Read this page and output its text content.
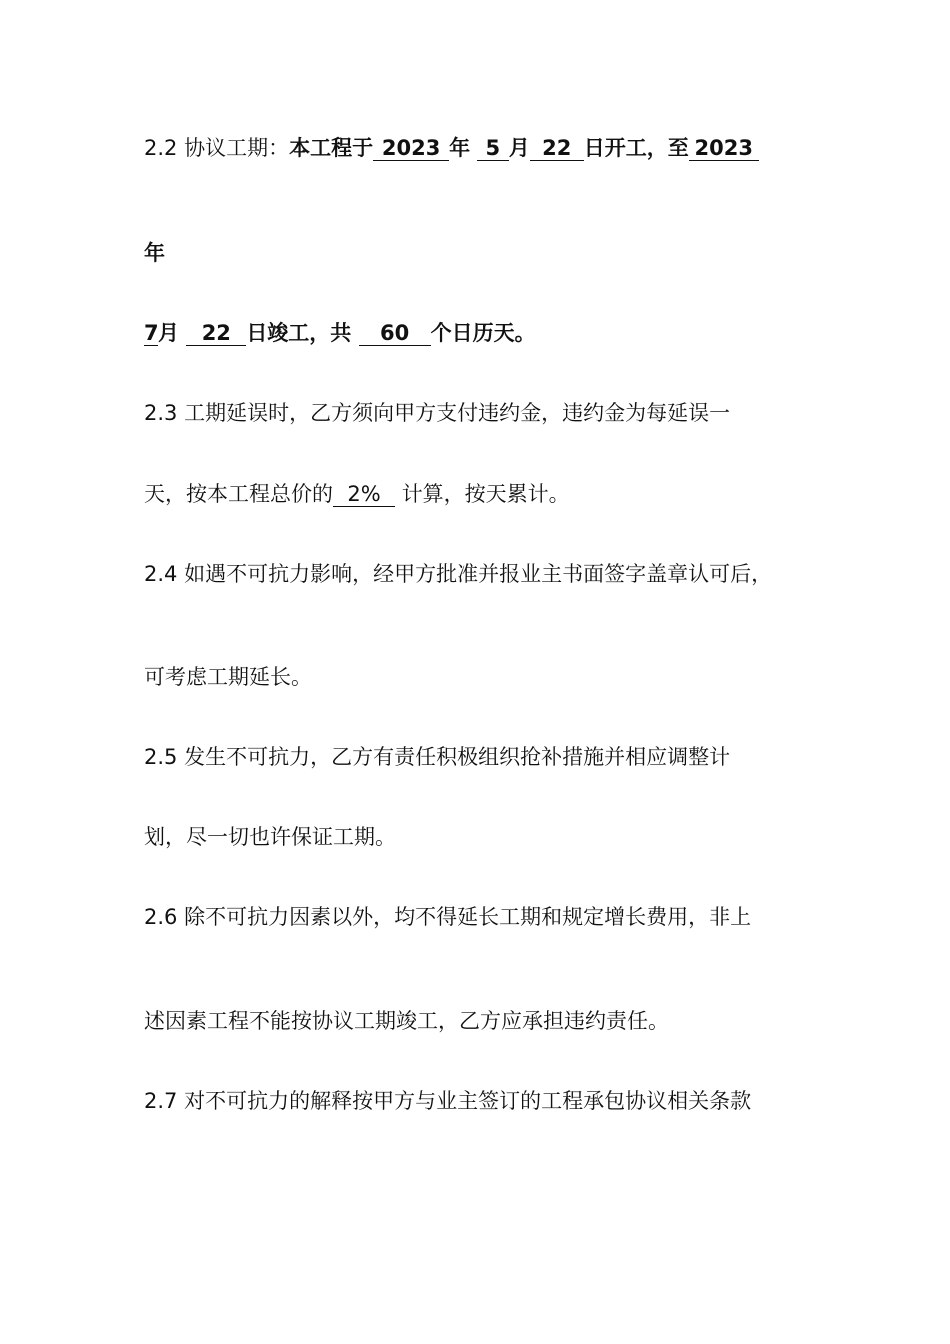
2.2 协议工期：本工程于 2023 年 5 月 22 日开工，至 2023
年
7月 22 日竣工，共 60 个日历天。
2.3 工期延误时，乙方须向甲方支付违约金，违约金为每延误一
天，按本工程总价的 2% 计算，按天累计。
2.4 如遇不可抗力影响，经甲方批准并报业主书面签字盖章认可后，
可考虑工期延长。
2.5 发生不可抗力，乙方有责任积极组织抢补措施并相应调整计
划，尽一切也许保证工期。
2.6 除不可抗力因素以外，均不得延长工期和规定增长费用，非上
述因素工程不能按协议工期竣工，乙方应承担违约责任。
2.7 对不可抗力的解释按甲方与业主签订的工程承包协议相关条款
